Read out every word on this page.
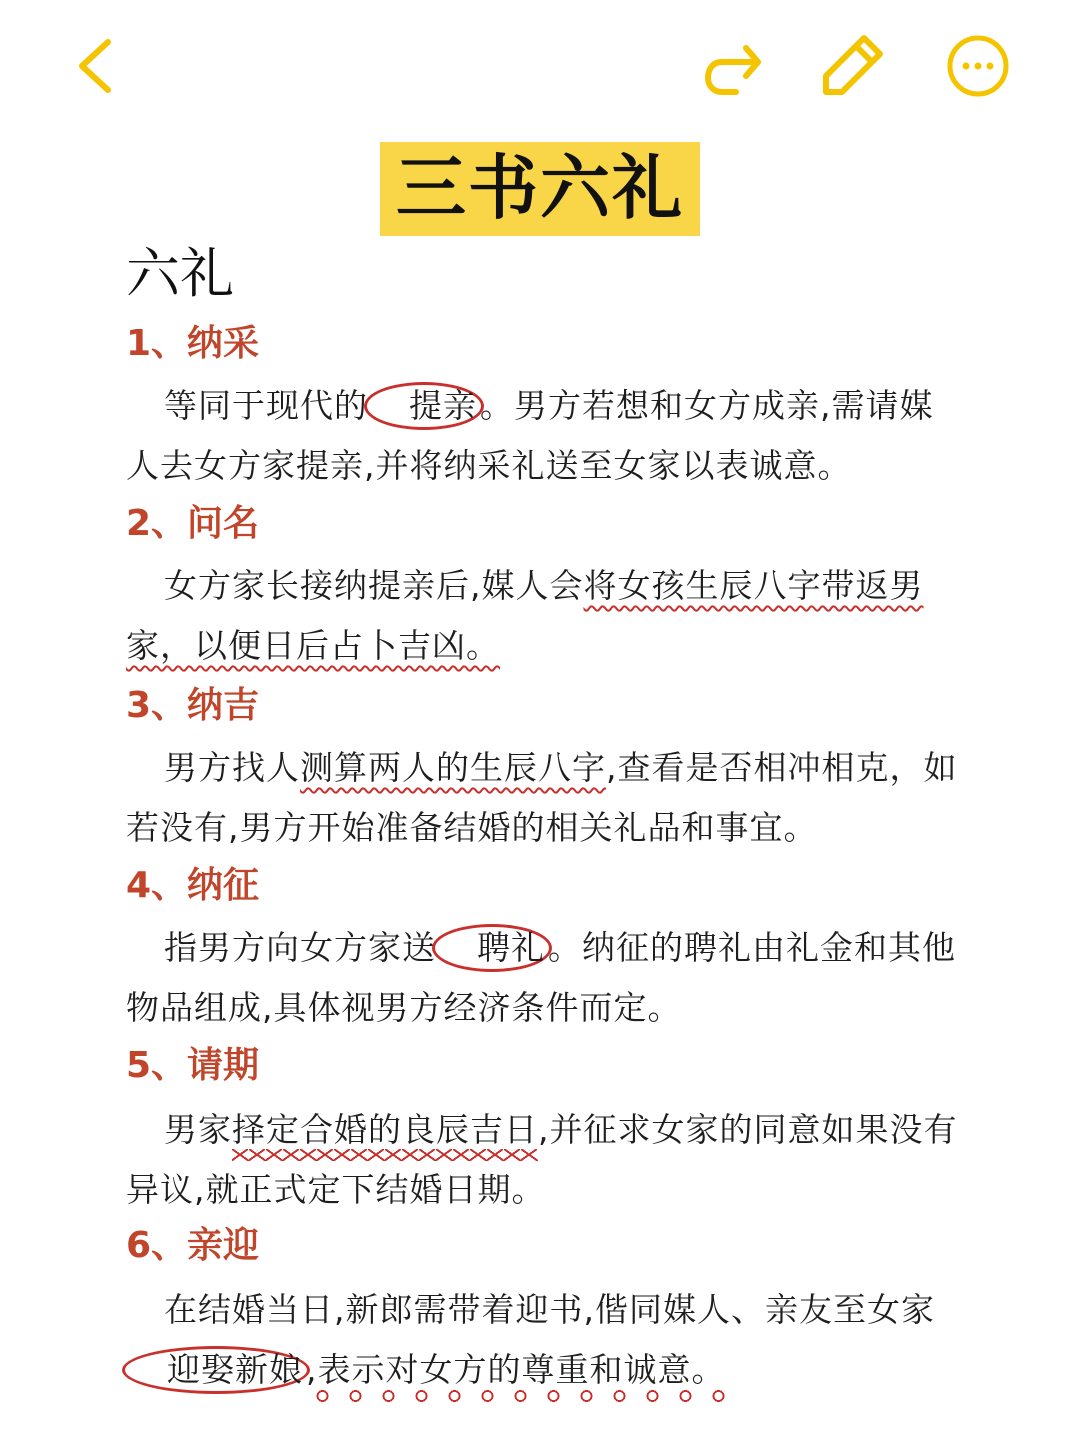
三书六礼

六礼

1、纳采

等同于现代的 提亲。男方若想和女方成亲,需请媒人去女方家提亲,并将纳采礼送至女家以表诚意。

2、问名

女方家长接纳提亲后,媒人会将女孩生辰八字带返男家，以便日后占卜吉凶。

3、纳吉

男方找人测算两人的生辰八字,查看是否相冲相克，如若没有,男方开始准备结婚的相关礼品和事宜。

4、纳征

指男方向女方家送 聘礼。纳征的聘礼由礼金和其他物品组成,具体视男方经济条件而定。

5、请期

男家择定合婚的良辰吉日,并征求女家的同意如果没有异议,就正式定下结婚日期。

6、亲迎

在结婚当日,新郎需带着迎书,偕同媒人、亲友至女家迎娶新娘,表示对女方的尊重和诚意。
